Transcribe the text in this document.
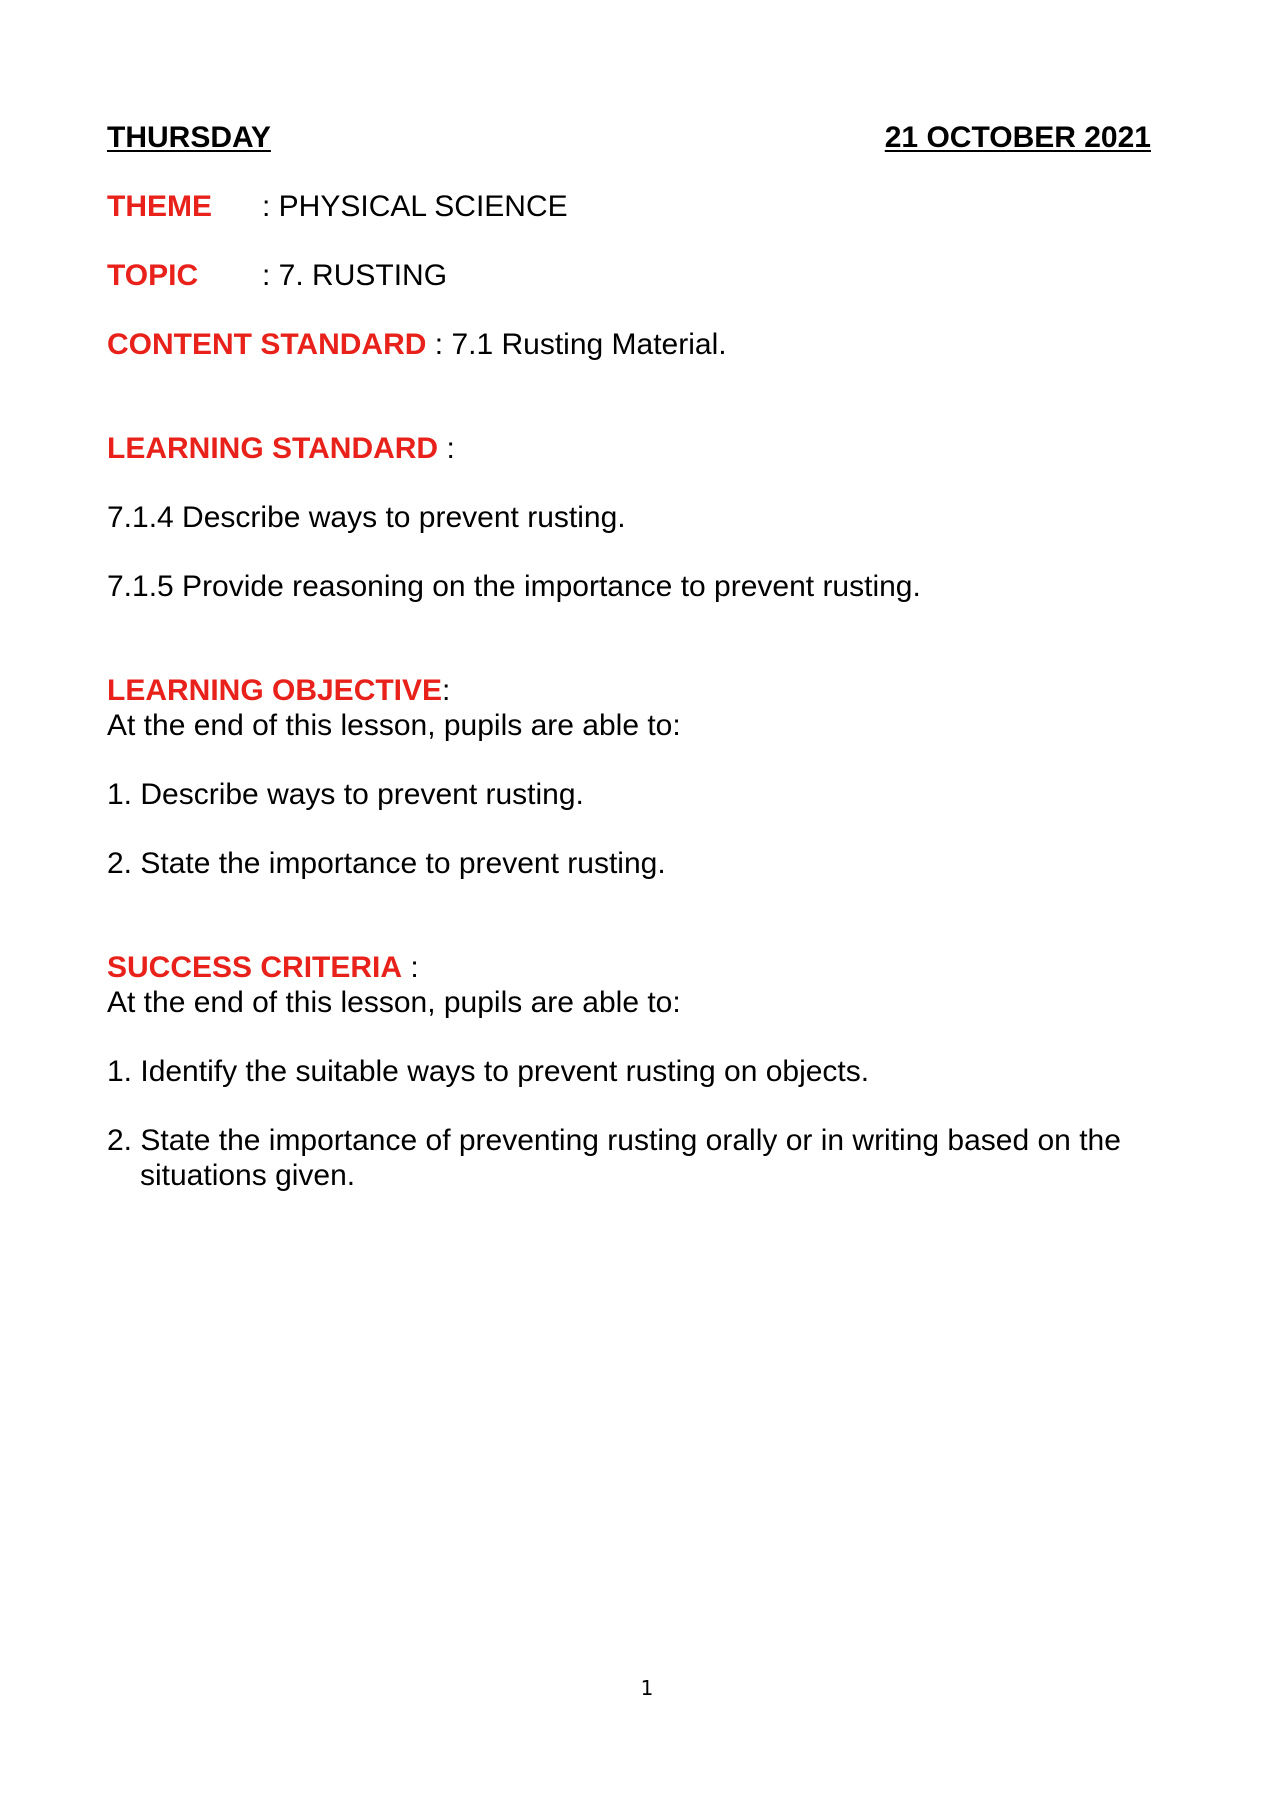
THURSDAY	21 OCTOBER 2021
THEME : PHYSICAL SCIENCE
TOPIC : 7. RUSTING
CONTENT STANDARD : 7.1 Rusting Material.
LEARNING STANDARD :
7.1.4 Describe ways to prevent rusting.
7.1.5 Provide reasoning on the importance to prevent rusting.
LEARNING OBJECTIVE:
At the end of this lesson, pupils are able to:
1. Describe ways to prevent rusting.
2. State the importance to prevent rusting.
SUCCESS CRITERIA :
At the end of this lesson, pupils are able to:
1. Identify the suitable ways to prevent rusting on objects.
2. State the importance of preventing rusting orally or in writing based on the situations given.
1
